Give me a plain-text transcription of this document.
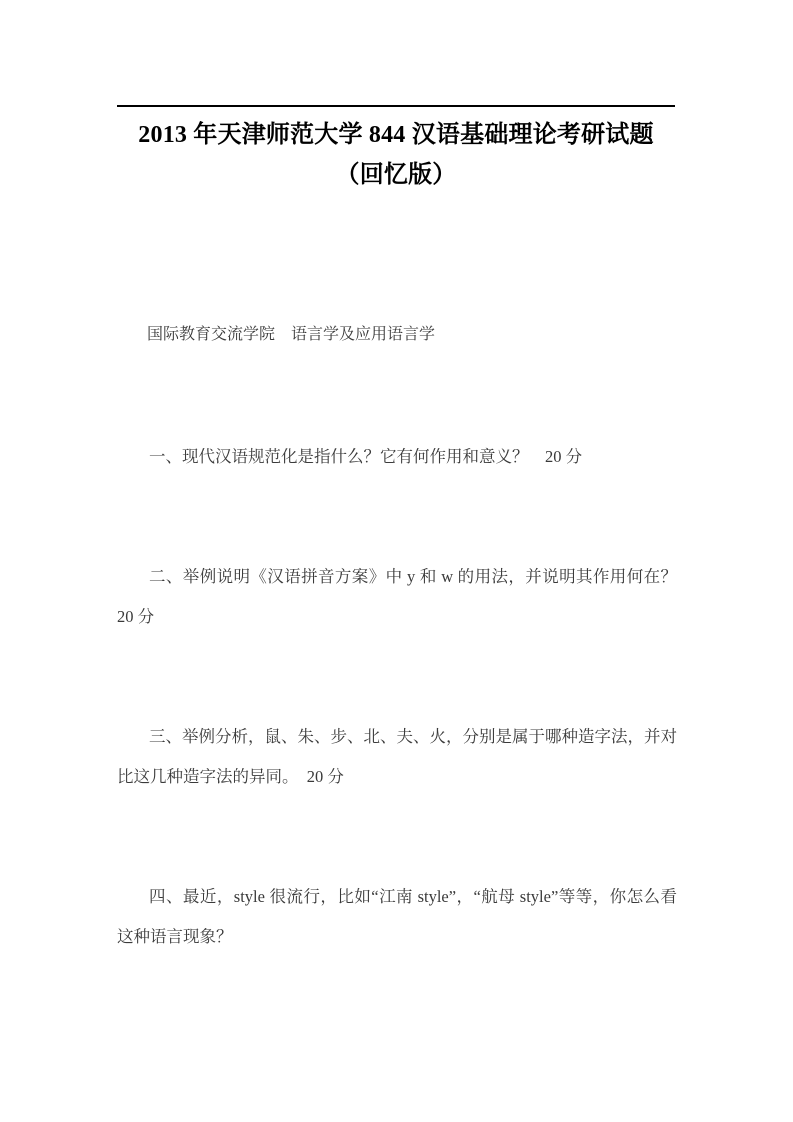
2013 年天津师范大学 844 汉语基础理论考研试题（回忆版）
国际教育交流学院　语言学及应用语言学
一、现代汉语规范化是指什么？它有何作用和意义？　20 分
二、举例说明《汉语拼音方案》中 y 和 w 的用法，并说明其作用何在？　20 分
三、举例分析，鼠、朱、步、北、夫、火，分别是属于哪种造字法，并对比这几种造字法的异同。　20 分
四、最近，style 很流行，比如“江南 style”，“航母 style”等等，你怎么看这种语言现象？
